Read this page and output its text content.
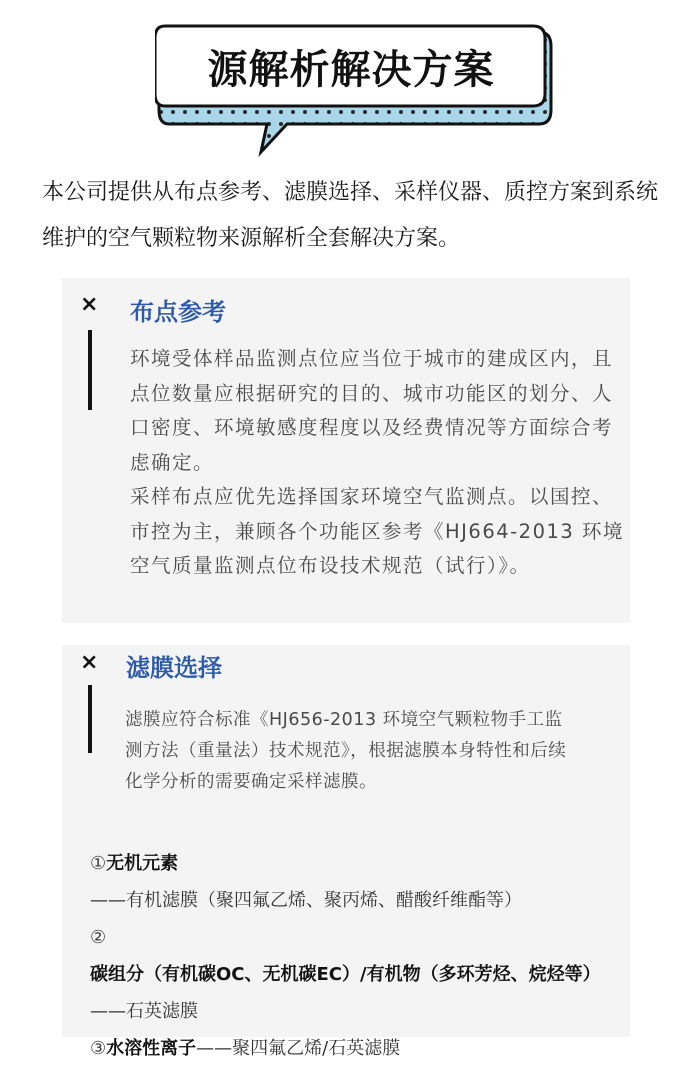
源解析解决方案
本公司提供从布点参考、滤膜选择、采样仪器、质控方案到系统维护的空气颗粒物来源解析全套解决方案。
× 布点参考

环境受体样品监测点位应当位于城市的建成区内，且点位数量应根据研究的目的、城市功能区的划分、人口密度、环境敏感度程度以及经费情况等方面综合考虑确定。

采样布点应优先选择国家环境空气监测点。以国控、市控为主，兼顾各个功能区参考《HJ664-2013 环境空气质量监测点位布设技术规范（试行）》。

× 滤膜选择

滤膜应符合标准《HJ656-2013 环境空气颗粒物手工监测方法（重量法）技术规范》，根据滤膜本身特性和后续化学分析的需要确定采样滤膜。

①无机元素——有机滤膜（聚四氟乙烯、聚丙烯、醋酸纤维酯等）
②碳组分（有机碳OC、无机碳EC）/有机物（多环芳烃、烷烃等）——石英滤膜
③水溶性离子——聚四氟乙烯/石英滤膜
